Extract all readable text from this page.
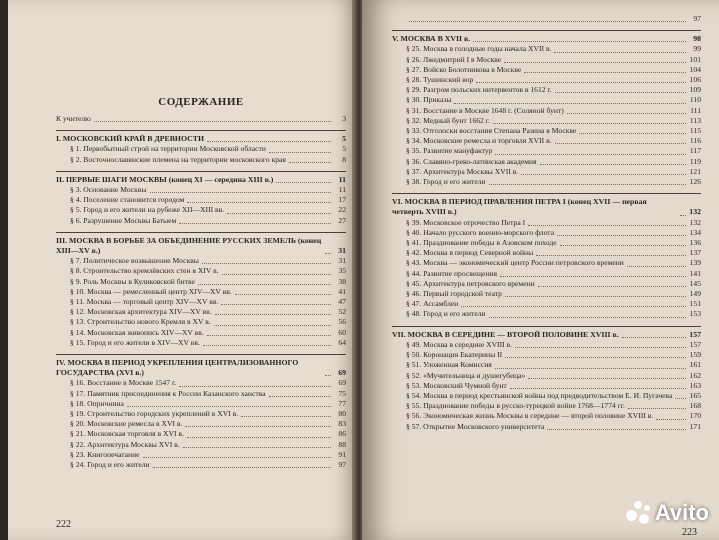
СОДЕРЖАНИЕ
К учителю	3
I. МОСКОВСКИЙ КРАЙ В ДРЕВНОСТИ	5
§ 1. Первобытный строй на территории Московской области	5
§ 2. Восточнославянские племена на территории московского края	8
II. ПЕРВЫЕ ШАГИ МОСКВЫ (конец XI — середина XIII в.)	11
§ 3. Основание Москвы	11
§ 4. Поселение становится городом	17
§ 5. Город и его жители на рубеже XII—XIII вв.	22
§ 6. Разрушение Москвы Батыем	27
III. МОСКВА В БОРЬБЕ ЗА ОБЪЕДИНЕНИЕ РУССКИХ ЗЕМЕЛЬ (конец XIII—XV в.)	31
§ 7. Политическое возвышение Москвы	31
§ 8. Строительство кремлёвских стен в XIV в.	35
§ 9. Роль Москвы в Куликовской битве	38
§ 10. Москва — ремесленный центр XIV—XV вв.	41
§ 11. Москва — торговый центр XIV—XV вв.	47
§ 12. Московская архитектура XIV—XV вв.	52
§ 13. Строительство нового Кремля в XV в.	56
§ 14. Московская живопись XIV—XV вв.	60
§ 15. Город и его жители в XIV—XV вв.	64
IV. МОСКВА В ПЕРИОД УКРЕПЛЕНИЯ ЦЕНТРАЛИЗОВАННОГО ГОСУДАРСТВА (XVI в.)	69
§ 16. Восстание в Москве 1547 г.	69
§ 17. Памятник присоединения к России Казанского ханства	75
§ 18. Опричнина	77
§ 19. Строительство городских укреплений в XVI в.	80
§ 20. Московские ремесла в XVI в.	83
§ 21. Московская торговля в XVI в.	86
§ 22. Архитектура Москвы XVI в.	88
§ 23. Книгопечатание	91
§ 24. Город и его жители	97
222
97
V. МОСКВА В XVII в.	98
§ 25. Москва в голодные годы начала XVII в.	99
§ 26. Лжедмитрий I в Москве	101
§ 27. Войско Болотникова в Москве	104
§ 28. Тушинский вор	106
§ 29. Разгром польских интервентов в 1612 г.	109
§ 30. Приказы	110
§ 31. Восстание в Москве 1648 г. (Соляной бунт)	111
§ 32. Медный бунт 1662 г.	113
§ 33. Отголоски восстания Степана Разина в Москве	115
§ 34. Московские ремесла и торговля XVII в.	116
§ 35. Развитие мануфактур	117
§ 36. Славяно-греко-латинская академия	119
§ 37. Архитектура Москвы XVII в.	121
§ 38. Город и его жители	126
VI. МОСКВА В ПЕРИОД ПРАВЛЕНИЯ ПЕТРА I (конец XVII — первая четверть XVIII в.)	132
§ 39. Московское отрочество Петра I	132
§ 40. Начало русского военно-морского флота	134
§ 41. Празднование победы в Азовском походе	136
§ 42. Москва в период Северной войны	137
§ 43. Москва — экономический центр России петровского времени	139
§ 44. Развитие просвещения	141
§ 45. Архитектура петровского времени	145
§ 46. Первый городской театр	149
§ 47. Ассамблеи	151
§ 48. Город и его жители	153
VII. МОСКВА В СЕРЕДИНЕ — ВТОРОЙ ПОЛОВИНЕ XVIII в.	157
§ 49. Москва в середине XVIII в.	157
§ 50. Коронация Екатерины II	159
§ 51. Уложенная Комиссия	161
§ 52. «Мучительница и душегубица»	162
§ 53. Московский Чумной бунт	163
§ 54. Москва в период крестьянской войны под предводительством Е. И. Пугачева 165
§ 55. Празднование победы в русско-турецкой войне 1768—1774 гг.	168
§ 56. Экономическая жизнь Москвы в середине — второй половине XVIII в.	170
§ 57. Открытие Московского университета	171
223
Avito
